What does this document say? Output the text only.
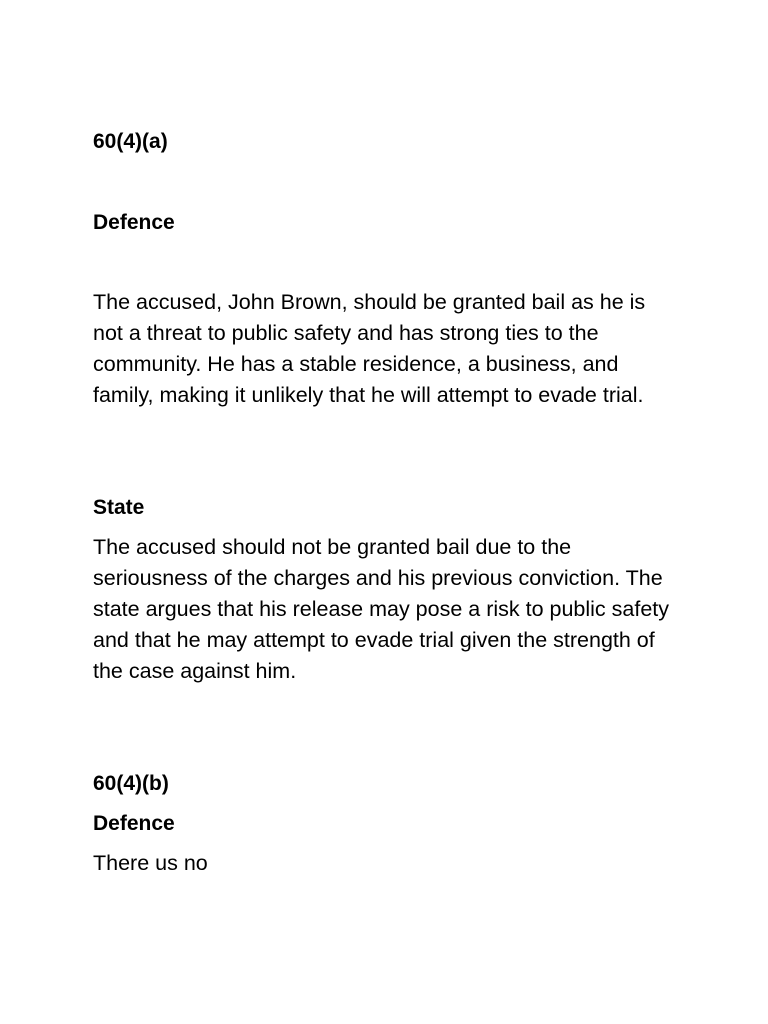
60(4)(a)
Defence

The accused, John Brown, should be granted bail as he is not a threat to public safety and has strong ties to the community. He has a stable residence, a business, and family, making it unlikely that he will attempt to evade trial.

State

The accused should not be granted bail due to the seriousness of the charges and his previous conviction. The state argues that his release may pose a risk to public safety and that he may attempt to evade trial given the strength of the case against him.

60(4)(b)
Defence

There us no
